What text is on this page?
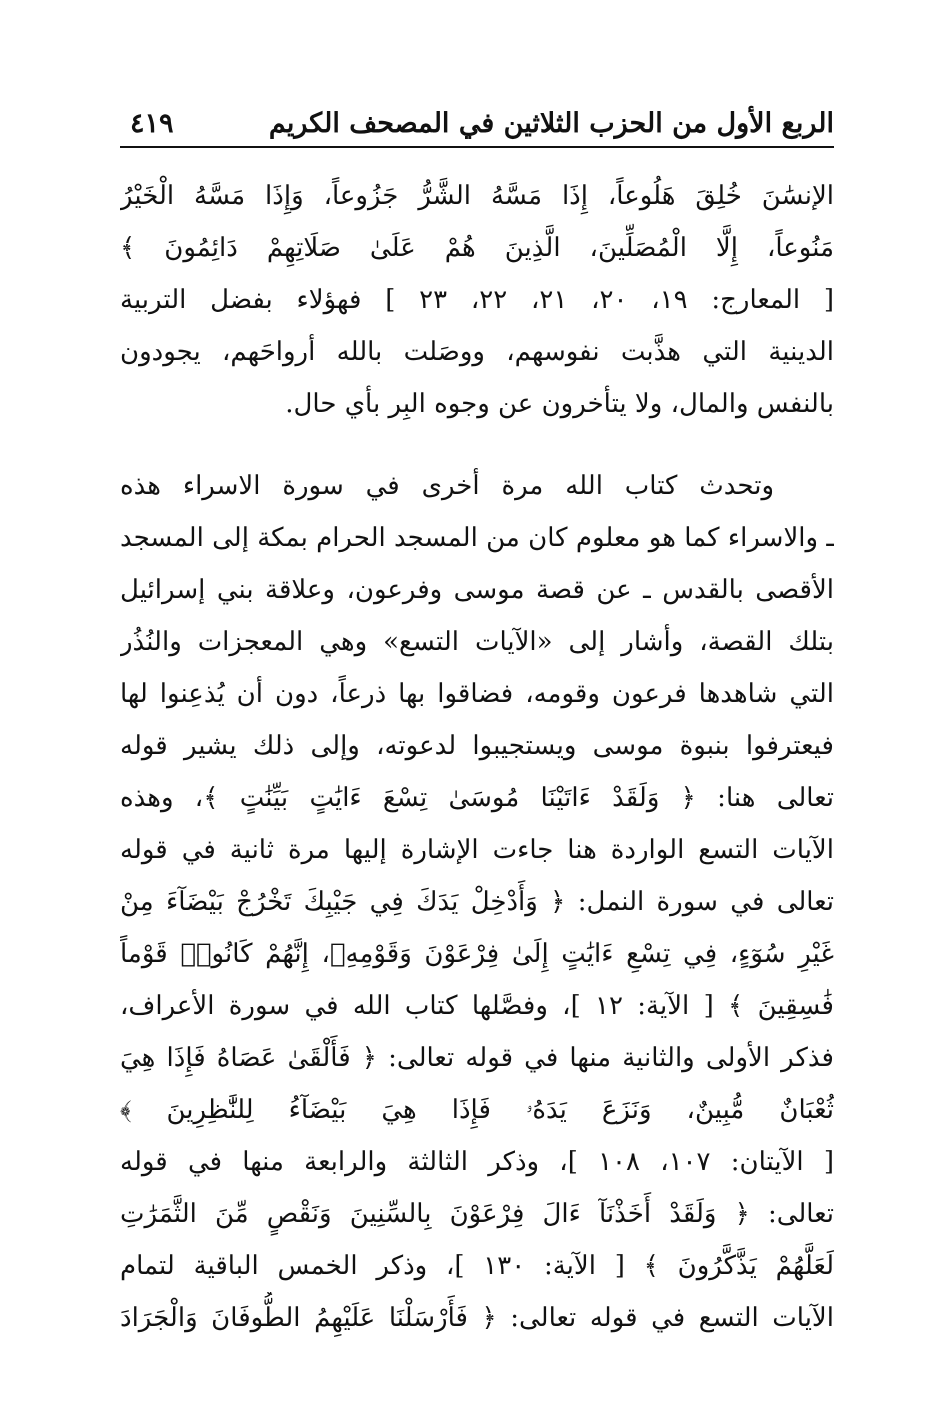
الربع الأول من الحزب الثلاثين في المصحف الكريم
٤١٩
الإنسَٰنَ خُلِقَ هَلُوعاً، إِذَا مَسَّهُ الشَّرُّ جَزُوعاً، وَإِذَا مَسَّهُ الْخَيْرُ
مَنُوعاً، إِلَّا الْمُصَلِّينَ، الَّذِينَ هُمْ عَلَىٰ صَلَاتِهِمْ دَائِمُونَ ﴾
[ المعارج: ١٩، ٢٠، ٢١، ٢٢، ٢٣ ] فهؤلاء بفضل التربية
الدينية التي هذَّبت نفوسهم، ووصَلت بالله أرواحَهم، يجودون
بالنفس والمال، ولا يتأخرون عن وجوه البِر بأي حال.
وتحدث كتاب الله مرة أخرى في سورة الاسراء هذه
ـ والاسراء كما هو معلوم كان من المسجد الحرام بمكة إلى المسجد
الأقصى بالقدس ـ عن قصة موسى وفرعون، وعلاقة بني إسرائيل
بتلك القصة، وأشار إلى «الآيات التسع» وهي المعجزات والنُذُر
التي شاهدها فرعون وقومه، فضاقوا بها ذرعاً، دون أن يُذعِنوا لها
فيعترفوا بنبوة موسى ويستجيبوا لدعوته، وإلى ذلك يشير قوله
تعالى هنا: ﴿ وَلَقَدْ ءَاتَيْنَا مُوسَىٰ تِسْعَ ءَايَٰتٍ بَيِّنَٰتٍ ﴾، وهذه
الآيات التسع الواردة هنا جاءت الإشارة إليها مرة ثانية في قوله
تعالى في سورة النمل: ﴿ وَأَدْخِلْ يَدَكَ فِي جَيْبِكَ تَخْرُجْ بَيْضَآءَ مِنْ
غَيْرِ سُوٓءٍ، فِي تِسْعِ ءَايَٰتٍ إِلَىٰ فِرْعَوْنَ وَقَوْمِهِۦ، إِنَّهُمْ كَانُوا۟ قَوْماً
فَٰسِقِينَ ﴾ [ الآية: ١٢ ]، وفصَّلها كتاب الله في سورة الأعراف،
فذكر الأولى والثانية منها في قوله تعالى: ﴿ فَأَلْقَىٰ عَصَاهُ فَإِذَا هِيَ
ثُعْبَانٌ مُّبِينٌ، وَنَزَعَ يَدَهُۥ فَإِذَا هِيَ بَيْضَآءُ لِلنَّٰظِرِينَ ﴾
[ الآيتان: ١٠٧، ١٠٨ ]، وذكر الثالثة والرابعة منها في قوله
تعالى: ﴿ وَلَقَدْ أَخَذْنَآ ءَالَ فِرْعَوْنَ بِالسِّنِينَ وَنَقْصٍ مِّنَ الثَّمَرَٰتِ
لَعَلَّهُمْ يَذَّكَّرُونَ ﴾ [ الآية: ١٣٠ ]، وذكر الخمس الباقية لتمام
الآيات التسع في قوله تعالى: ﴿ فَأَرْسَلْنَا عَلَيْهِمُ الطُّوفَانَ وَالْجَرَادَ
